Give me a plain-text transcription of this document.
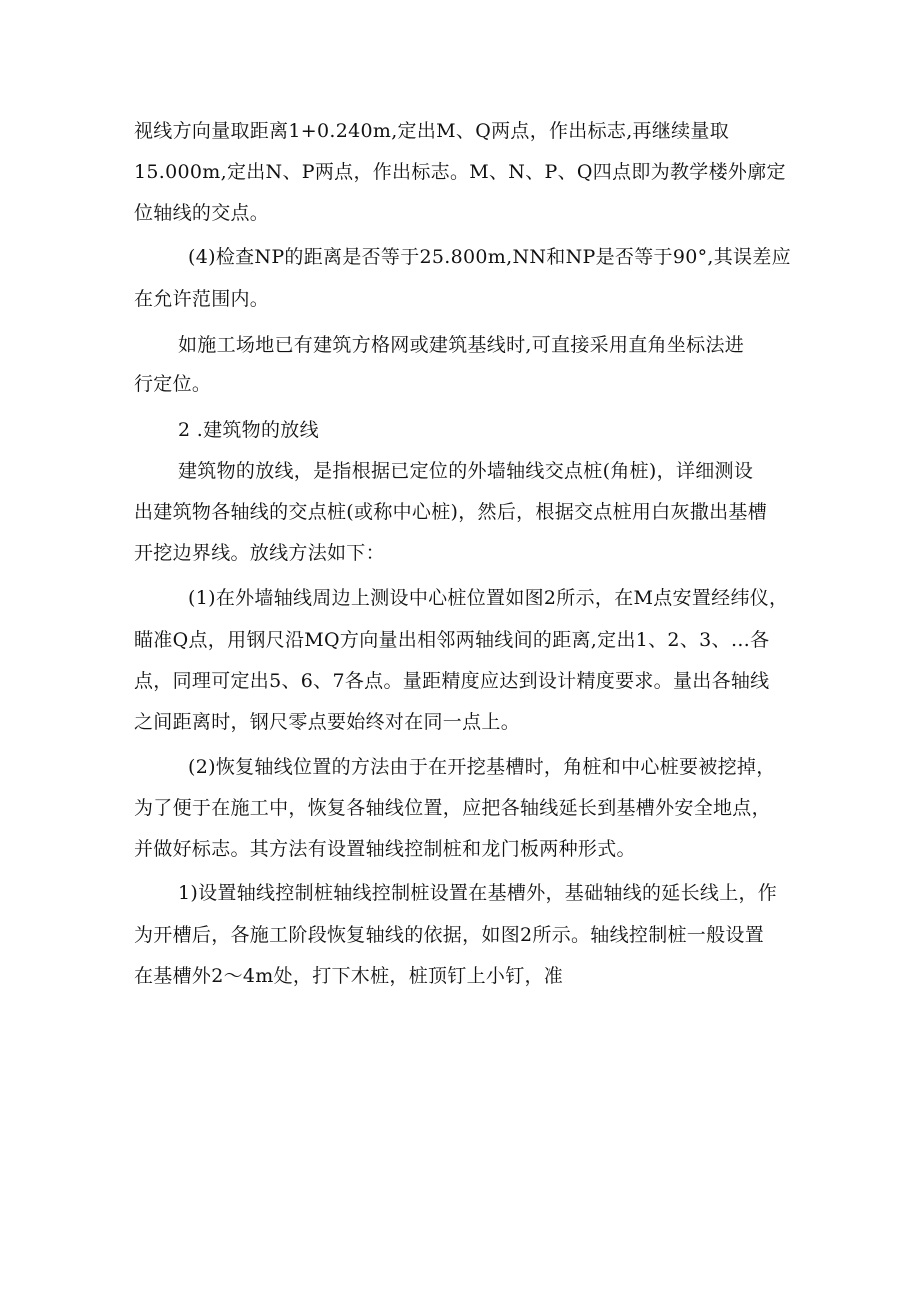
视线方向量取距离1+0.240m,定出M、Q两点，作出标志,再继续量取
15.000m,定出N、P两点，作出标志。M、N、P、Q四点即为教学楼外廓定
位轴线的交点。
(4)检查NP的距离是否等于25.800m,NN和NP是否等于90°,其误差应
在允许范围内。
如施工场地已有建筑方格网或建筑基线时,可直接采用直角坐标法进
行定位。
2 .建筑物的放线
建筑物的放线，是指根据已定位的外墙轴线交点桩(角桩)，详细测设
出建筑物各轴线的交点桩(或称中心桩)，然后，根据交点桩用白灰撒出基槽
开挖边界线。放线方法如下：
(1)在外墙轴线周边上测设中心桩位置如图2所示，在M点安置经纬仪，
瞄准Q点，用钢尺沿MQ方向量出相邻两轴线间的距离,定出1、2、3、…各
点，同理可定出5、6、7各点。量距精度应达到设计精度要求。量出各轴线
之间距离时，钢尺零点要始终对在同一点上。
(2)恢复轴线位置的方法由于在开挖基槽时，角桩和中心桩要被挖掉，
为了便于在施工中，恢复各轴线位置，应把各轴线延长到基槽外安全地点，
并做好标志。其方法有设置轴线控制桩和龙门板两种形式。
1)设置轴线控制桩轴线控制桩设置在基槽外，基础轴线的延长线上，作
为开槽后，各施工阶段恢复轴线的依据，如图2所示。轴线控制桩一般设置
在基槽外2～4m处，打下木桩，桩顶钉上小钉，准
